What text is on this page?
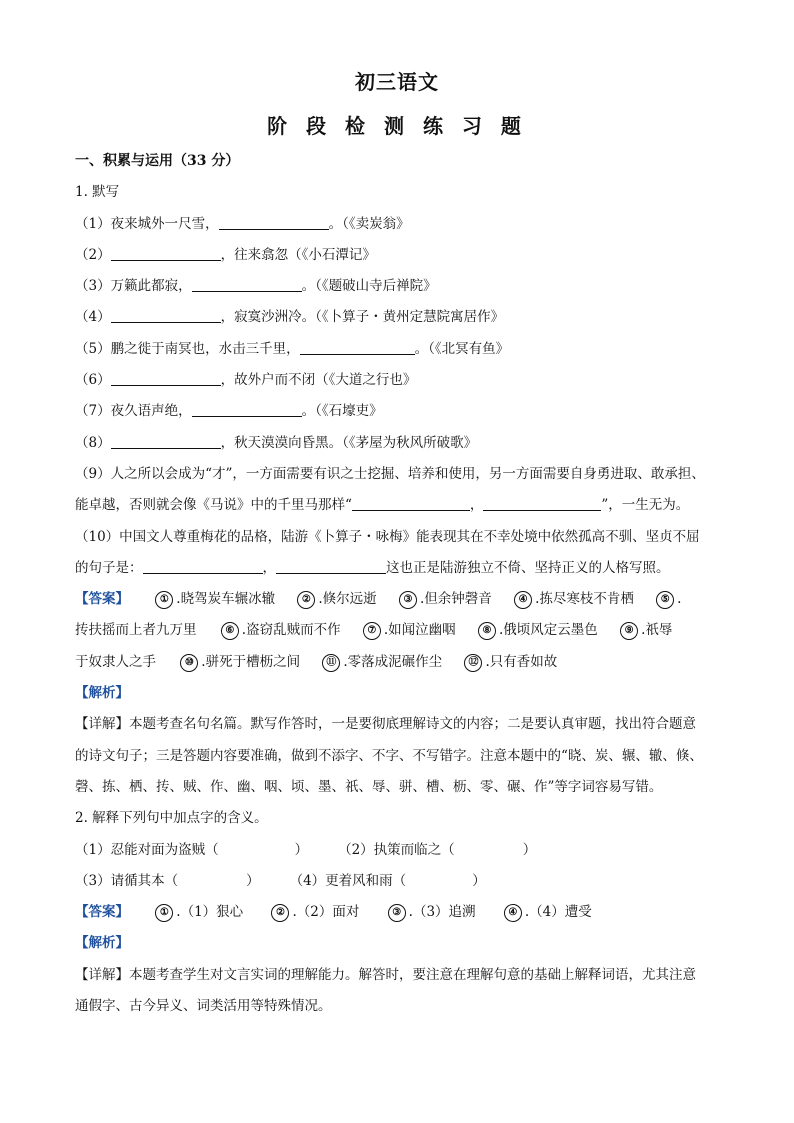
初三语文
阶 段 检 测 练 习 题
一、积累与运用（33 分）
1. 默写
（1）夜来城外一尺雪，	。（《卖炭翁》
（2）	，往来翕忽（《小石潭记》
（3）万籁此都寂，	。（《题破山寺后禅院》
（4）	，寂寞沙洲冷。（《卜算子・黄州定慧院寓居作》
（5）鹏之徙于南冥也，水击三千里，	。（《北冥有鱼》
（6）	，故外户而不闭（《大道之行也》
（7）夜久语声绝，	。（《石壕吏》
（8）	，秋天漠漠向昏黑。（《茅屋为秋风所破歌》
（9）人之所以会成为“才”，一方面需要有识之士挖掘、培养和使用，另一方面需要自身勇进取、敢承担、
能卓越，否则就会像《马说》中的千里马那样“	，	”，一生无为。
（10）中国文人尊重梅花的品格，陆游《卜算子・咏梅》能表现其在不幸处境中依然孤高不驯、坚贞不屈
的句子是：	，	这也正是陆游独立不倚、坚持正义的人格写照。
【答案】	① .晓驾炭车辗冰辙	② .倏尔远逝	③ .但余钟磬音	④ .拣尽寒枝不肯栖	⑤ .
抟扶摇而上者九万里	⑥ .盗窃乱贼而不作	⑦ .如闻泣幽咽	⑧ .俄顷风定云墨色	⑨ .祇辱
于奴隶人之手	⑩ .骈死于槽枥之间	⑪ .零落成泥碾作尘	⑫ .只有香如故
【解析】
【详解】本题考查名句名篇。默写作答时，一是要彻底理解诗文的内容；二是要认真审题，找出符合题意
的诗文句子；三是答题内容要准确，做到不添字、不字、不写错字。注意本题中的“晓、炭、辗、辙、倏、
磬、拣、栖、抟、贼、作、幽、咽、顷、墨、祇、辱、骈、槽、枥、零、碾、作”等字词容易写错。
2. 解释下列句中加点字的含义。
（1）忍能对面为盗贼（	） （2）执策而临之（	）
（3）请循其本（	） （4）更着风和雨（	）
【答案】	① .（1）狠心	② .（2）面对	③ .（3）追溯	④ .（4）遭受
【解析】
【详解】本题考查学生对文言实词的理解能力。解答时，要注意在理解句意的基础上解释词语，尤其注意
通假字、古今异义、词类活用等特殊情况。
